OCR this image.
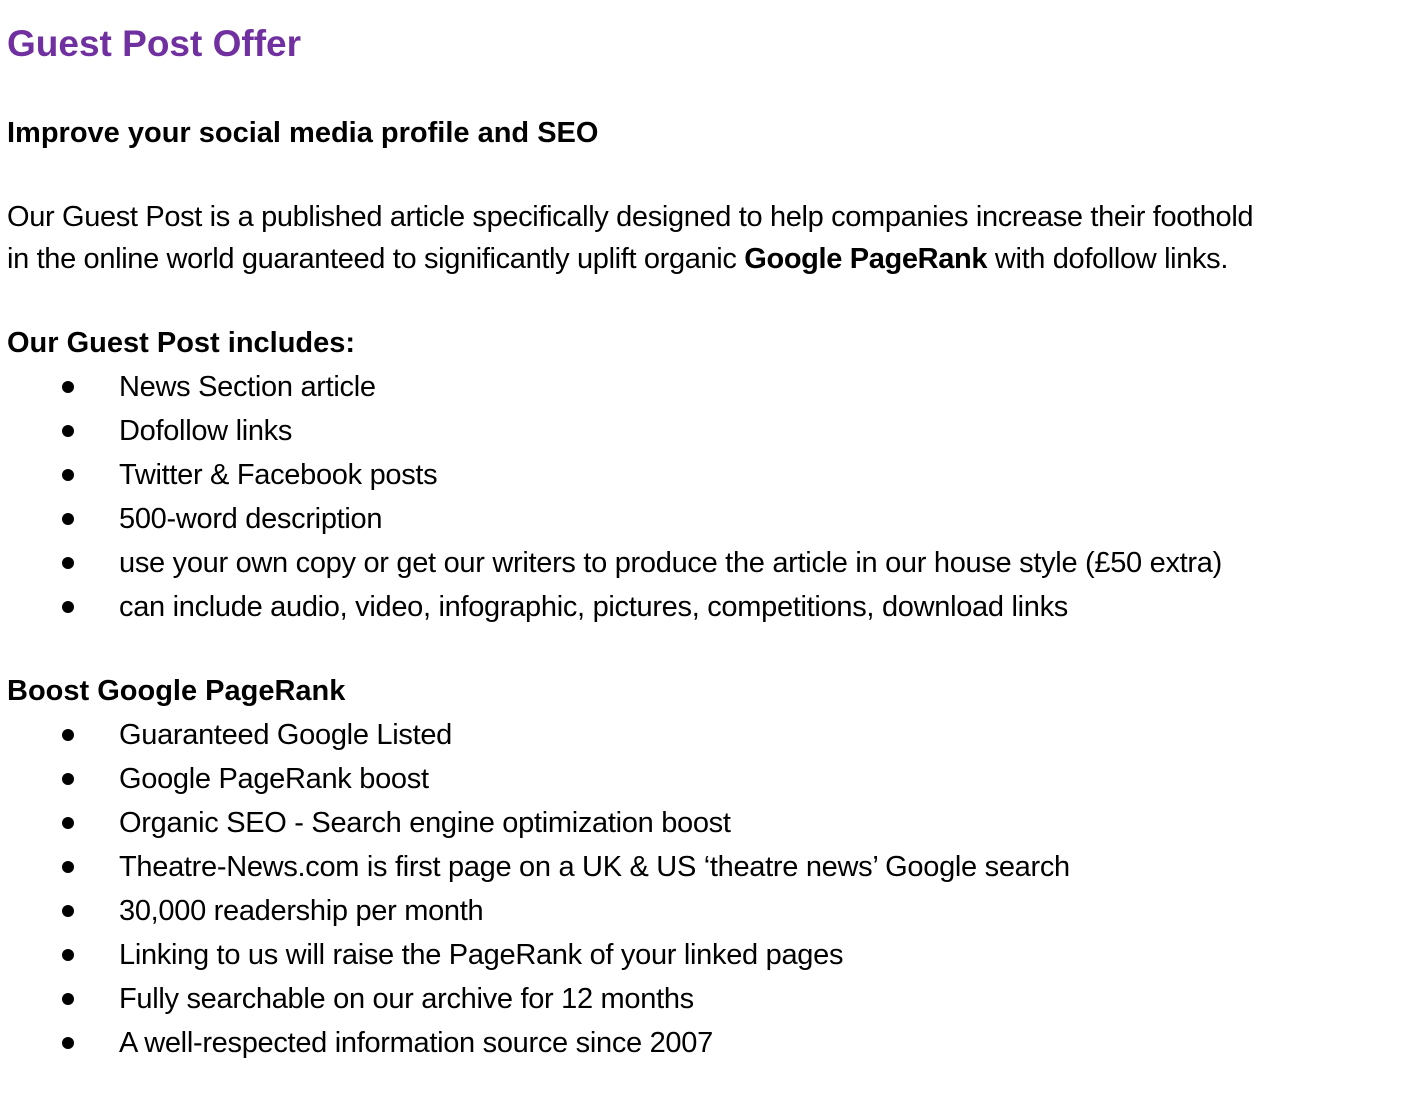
Guest Post Offer
Improve your social media profile and SEO

Our Guest Post is a published article specifically designed to help companies increase their foothold
in the online world guaranteed to significantly uplift organic Google PageRank with dofollow links.

Our Guest Post includes:
News Section article
Dofollow links
Twitter & Facebook posts
500-word description
use your own copy or get our writers to produce the article in our house style (£50 extra)
can include audio, video, infographic, pictures, competitions, download links
Boost Google PageRank
Guaranteed Google Listed
Google PageRank boost
Organic SEO - Search engine optimization boost
Theatre-News.com is first page on a UK & US ‘theatre news’ Google search
30,000 readership per month
Linking to us will raise the PageRank of your linked pages
Fully searchable on our archive for 12 months
A well-respected information source since 2007
